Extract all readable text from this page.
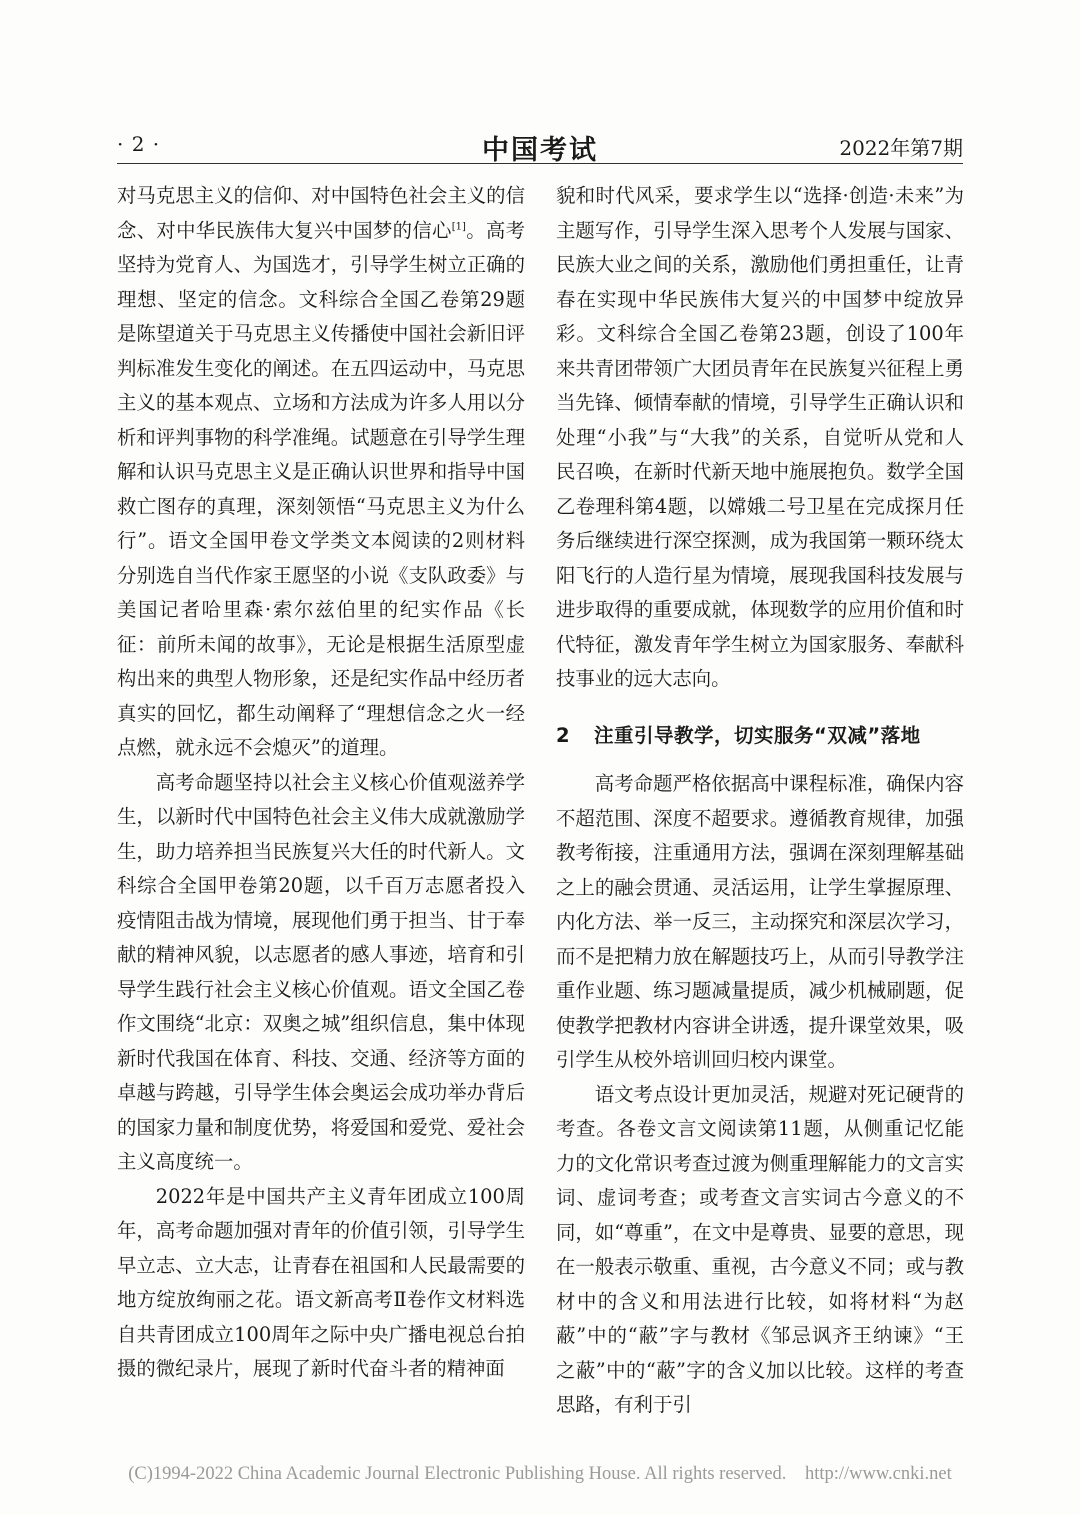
· 2 ·	中国考试	2022年第7期

对马克思主义的信仰、对中国特色社会主义的信念、对中华民族伟大复兴中国梦的信心[1]。高考坚持为党育人、为国选才，引导学生树立正确的理想、坚定的信念。文科综合全国乙卷第29题是陈望道关于马克思主义传播使中国社会新旧评判标准发生变化的阐述。在五四运动中，马克思主义的基本观点、立场和方法成为许多人用以分析和评判事物的科学准绳。试题意在引导学生理解和认识马克思主义是正确认识世界和指导中国救亡图存的真理，深刻领悟“马克思主义为什么行”。语文全国甲卷文学类文本阅读的2则材料分别选自当代作家王愿坚的小说《支队政委》与美国记者哈里森·索尔兹伯里的纪实作品《长征：前所未闻的故事》，无论是根据生活原型虚构出来的典型人物形象，还是纪实作品中经历者真实的回忆，都生动阐释了“理想信念之火一经点燃，就永远不会熄灭”的道理。

高考命题坚持以社会主义核心价值观滋养学生，以新时代中国特色社会主义伟大成就激励学生，助力培养担当民族复兴大任的时代新人。文科综合全国甲卷第20题，以千百万志愿者投入疫情阻击战为情境，展现他们勇于担当、甘于奉献的精神风貌，以志愿者的感人事迹，培育和引导学生践行社会主义核心价值观。语文全国乙卷作文围绕“北京：双奥之城”组织信息，集中体现新时代我国在体育、科技、交通、经济等方面的卓越与跨越，引导学生体会奥运会成功举办背后的国家力量和制度优势，将爱国和爱党、爱社会主义高度统一。

2022年是中国共产主义青年团成立100周年，高考命题加强对青年的价值引领，引导学生早立志、立大志，让青春在祖国和人民最需要的地方绽放绚丽之花。语文新高考Ⅱ卷作文材料选自共青团成立100周年之际中央广播电视总台拍摄的微纪录片，展现了新时代奋斗者的精神面

貌和时代风采，要求学生以“选择·创造·未来”为主题写作，引导学生深入思考个人发展与国家、民族大业之间的关系，激励他们勇担重任，让青春在实现中华民族伟大复兴的中国梦中绽放异彩。文科综合全国乙卷第23题，创设了100年来共青团带领广大团员青年在民族复兴征程上勇当先锋、倾情奉献的情境，引导学生正确认识和处理“小我”与“大我”的关系，自觉听从党和人民召唤，在新时代新天地中施展抱负。数学全国乙卷理科第4题，以嫦娥二号卫星在完成探月任务后继续进行深空探测，成为我国第一颗环绕太阳飞行的人造行星为情境，展现我国科技发展与进步取得的重要成就，体现数学的应用价值和时代特征，激发青年学生树立为国家服务、奉献科技事业的远大志向。

2 注重引导教学，切实服务“双减”落地

高考命题严格依据高中课程标准，确保内容不超范围、深度不超要求。遵循教育规律，加强教考衔接，注重通用方法，强调在深刻理解基础之上的融会贯通、灵活运用，让学生掌握原理、内化方法、举一反三，主动探究和深层次学习，而不是把精力放在解题技巧上，从而引导教学注重作业题、练习题减量提质，减少机械刷题，促使教学把教材内容讲全讲透，提升课堂效果，吸引学生从校外培训回归校内课堂。

语文考点设计更加灵活，规避对死记硬背的考查。各卷文言文阅读第11题，从侧重记忆能力的文化常识考查过渡为侧重理解能力的文言实词、虚词考查；或考查文言实词古今意义的不同，如“尊重”，在文中是尊贵、显要的意思，现在一般表示敬重、重视，古今意义不同；或与教材中的含义和用法进行比较，如将材料“为赵蔽”中的“蔽”字与教材《邹忌讽齐王纳谏》“王之蔽”中的“蔽”字的含义加以比较。这样的考查思路，有利于引

(C)1994-2022 China Academic Journal Electronic Publishing House. All rights reserved. http://www.cnki.net
